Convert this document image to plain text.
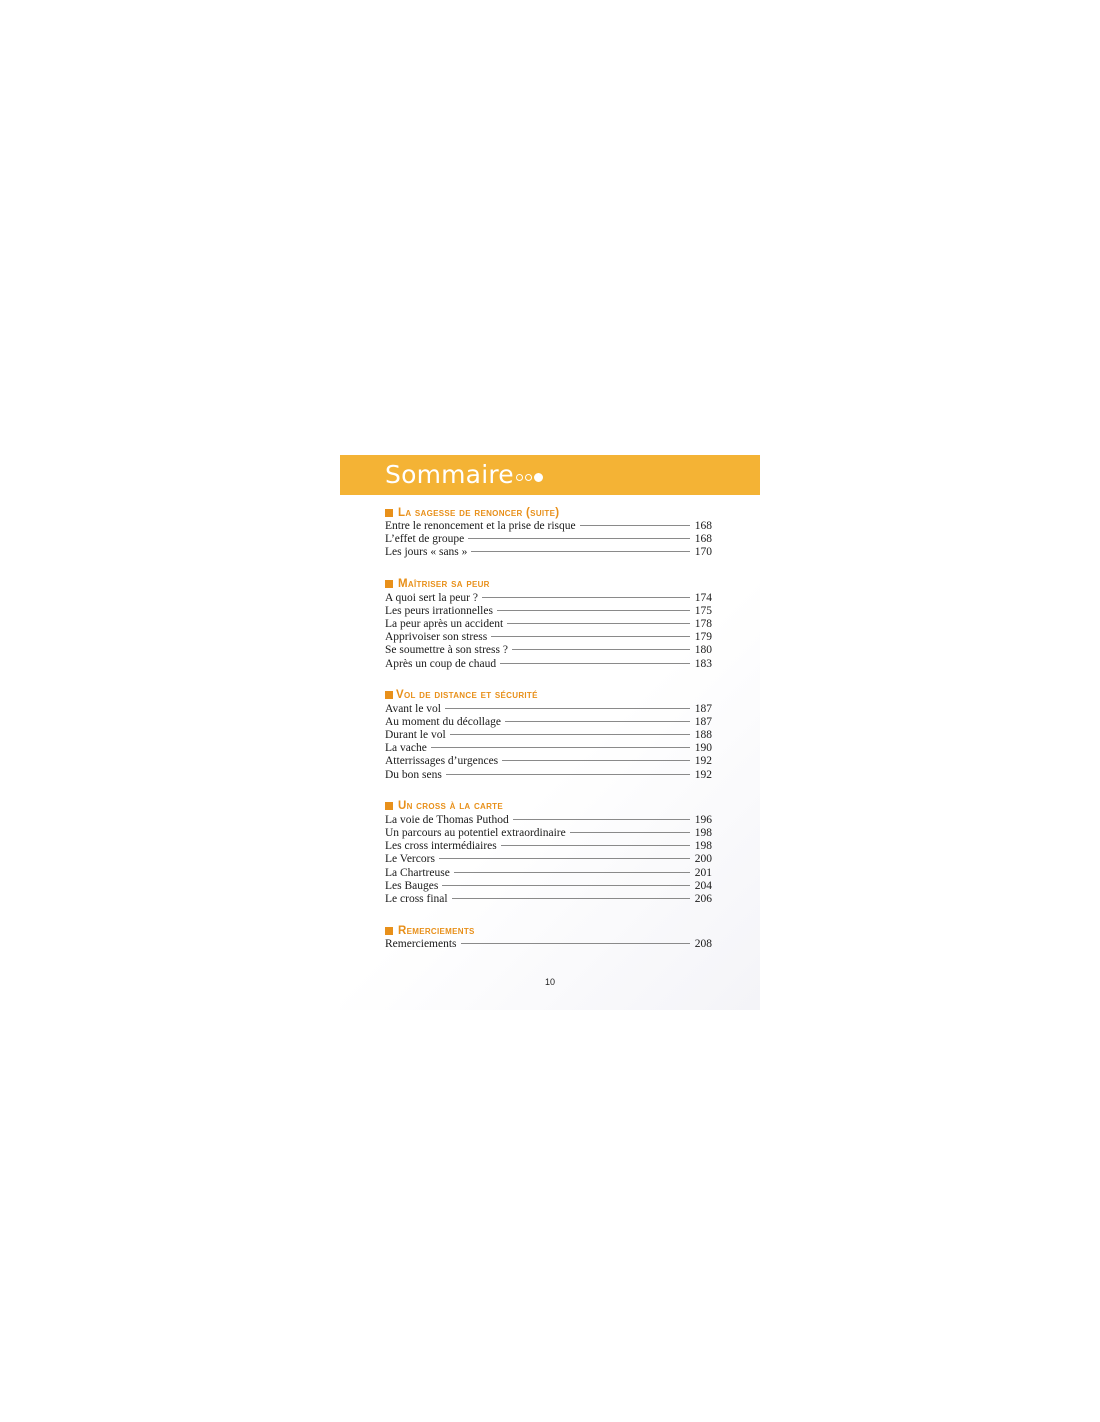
Sommaire
La sagesse de renoncer (suite)
Entre le renoncement et la prise de risque	168
L’effet de groupe	168
Les jours « sans »	170
Maîtriser sa peur
A quoi sert la peur ?	174
Les peurs irrationnelles	175
La peur après un accident	178
Apprivoiser son stress	179
Se soumettre à son stress ?	180
Après un coup de chaud	183
Vol de distance et sécurité
Avant le vol	187
Au moment du décollage	187
Durant le vol	188
La vache	190
Atterrissages d’urgences	192
Du bon sens	192
Un cross à la carte
La voie de Thomas Puthod	196
Un parcours au potentiel extraordinaire	198
Les cross intermédiaires	198
Le Vercors	200
La Chartreuse	201
Les Bauges	204
Le cross final	206
Remerciements
Remerciements	208
10
